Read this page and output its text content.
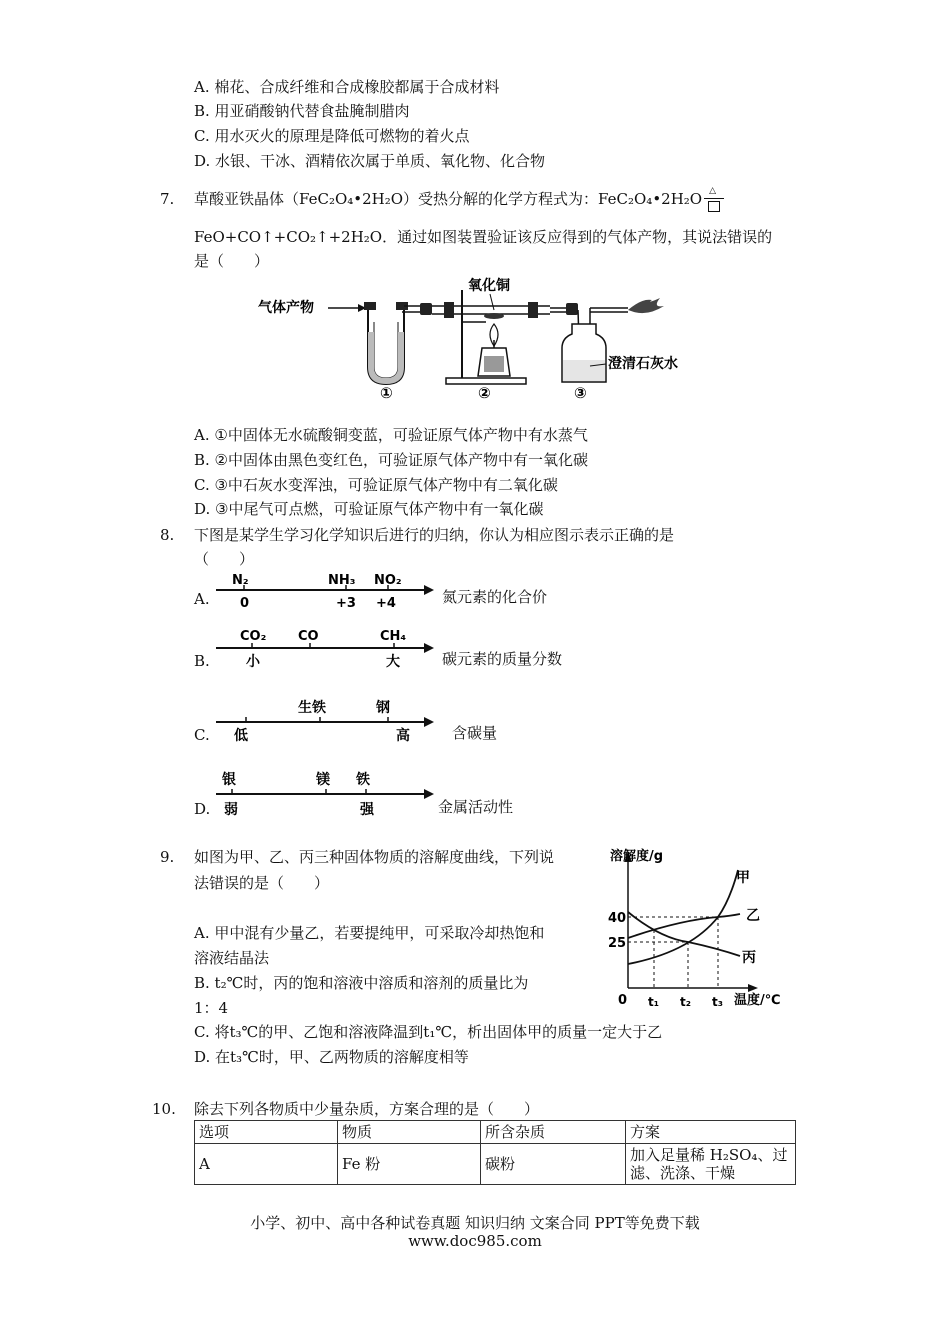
A. 棉花、合成纤维和合成橡胶都属于合成材料
B. 用亚硝酸钠代替食盐腌制腊肉
C. 用水灭火的原理是降低可燃物的着火点
D. 水银、干冰、酒精依次属于单质、氧化物、化合物
7. 草酸亚铁晶体（FeC₂O₄•2H₂O）受热分解的化学方程式为：FeC₂O₄•2H₂O △
FeO+CO↑+CO₂↑+2H₂O．通过如图装置验证该反应得到的气体产物，其说法错误的
是（　　）
气体产物
氧化铜
澄清石灰水
①	②	③
A. ①中固体无水硫酸铜变蓝，可验证原气体产物中有水蒸气
B. ②中固体由黑色变红色，可验证原气体产物中有一氧化碳
C. ③中石灰水变浑浊，可验证原气体产物中有二氧化碳
D. ③中尾气可点燃，可验证原气体产物中有一氧化碳
8. 下图是某学生学习化学知识后进行的归纳，你认为相应图示表示正确的是
（　　）
A.
N₂	NH₃ NO₂
0	+3 +4	氮元素的化合价
B.
CO₂ CO	CH₄
小	大	碳元素的质量分数
C.
生铁	钢
低	高	含碳量
D.
银	镁 铁
弱	强	金属活动性
9. 如图为甲、乙、丙三种固体物质的溶解度曲线，下列说
法错误的是（　　）
A. 甲中混有少量乙，若要提纯甲，可采取冷却热饱和
溶液结晶法
B. t₂℃时，丙的饱和溶液中溶质和溶剂的质量比为
1：4
C. 将t₃℃的甲、乙饱和溶液降温到t₁℃，析出固体甲的质量一定大于乙
D. 在t₃℃时，甲、乙两物质的溶解度相等
溶解度/g
温度/℃
40
25
0 t₁ t₂ t₃
甲
乙
丙
10. 除去下列各物质中少量杂质，方案合理的是（　　）
选项	物质	所含杂质	方案
A	Fe 粉	碳粉	加入足量稀 H₂SO₄、过滤、洗涤、干燥
小学、初中、高中各种试卷真题 知识归纳 文案合同 PPT等免费下载
www.doc985.com
